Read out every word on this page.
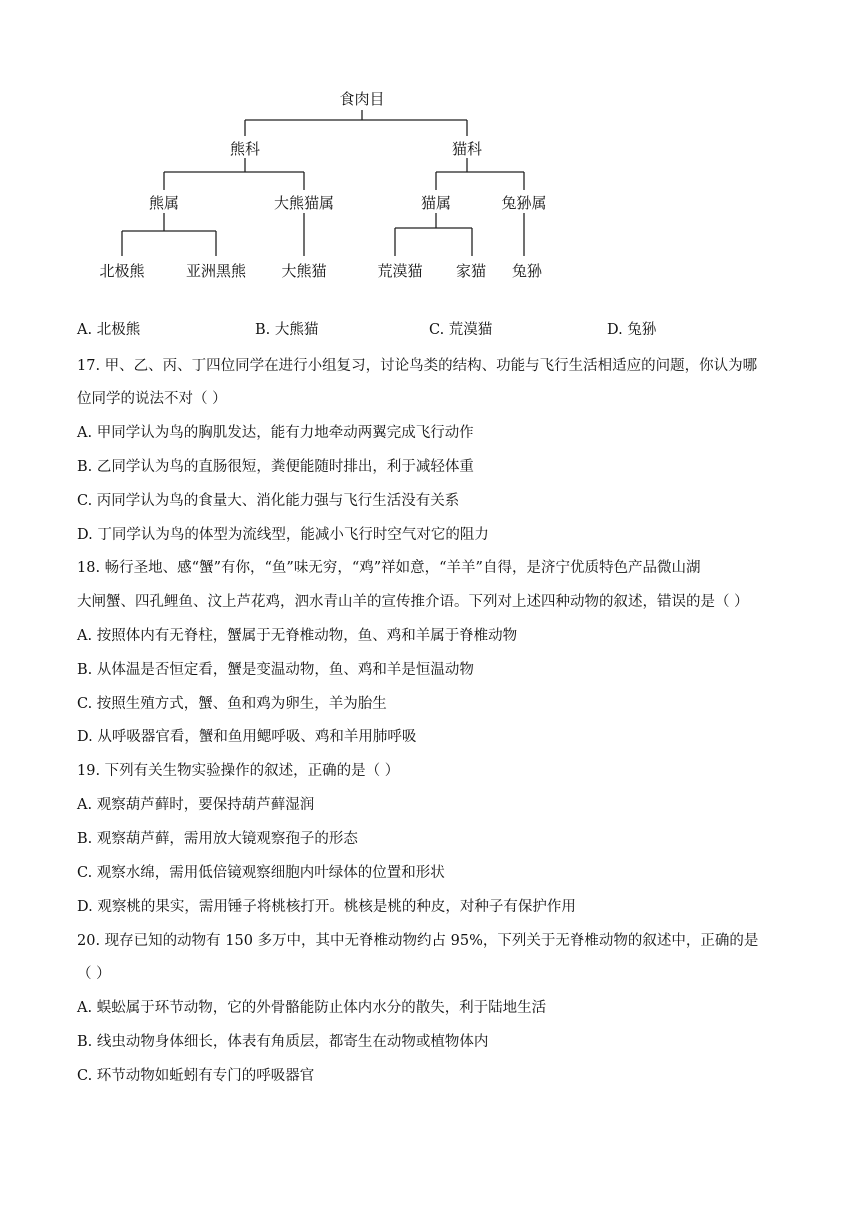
食肉目
熊科	猫科
熊属	大熊猫属	猫属	兔狲属
北极熊	亚洲黑熊 大熊猫	荒漠猫 家猫 兔狲
A. 北极熊	B. 大熊猫	C. 荒漠猫	D. 兔狲
17. 甲、乙、丙、丁四位同学在进行小组复习，讨论鸟类的结构、功能与飞行生活相适应的问题，你认为哪
位同学的说法不对（ ）
A. 甲同学认为鸟的胸肌发达，能有力地牵动两翼完成飞行动作
B. 乙同学认为鸟的直肠很短，粪便能随时排出，利于减轻体重
C. 丙同学认为鸟的食量大、消化能力强与飞行生活没有关系
D. 丁同学认为鸟的体型为流线型，能减小飞行时空气对它的阻力
18. 畅行圣地、感“蟹”有你，“鱼”味无穷，“鸡”祥如意，“羊羊”自得，是济宁优质特色产品微山湖
大闸蟹、四孔鲤鱼、汶上芦花鸡，泗水青山羊的宣传推介语。下列对上述四种动物的叙述，错误的是（ ）
A. 按照体内有无脊柱，蟹属于无脊椎动物，鱼、鸡和羊属于脊椎动物
B. 从体温是否恒定看，蟹是变温动物，鱼、鸡和羊是恒温动物
C. 按照生殖方式，蟹、鱼和鸡为卵生，羊为胎生
D. 从呼吸器官看，蟹和鱼用鳃呼吸、鸡和羊用肺呼吸
19. 下列有关生物实验操作的叙述，正确的是（ ）
A. 观察葫芦藓时，要保持葫芦藓湿润
B. 观察葫芦藓，需用放大镜观察孢子的形态
C. 观察水绵，需用低倍镜观察细胞内叶绿体的位置和形状
D. 观察桃的果实，需用锤子将桃核打开。桃核是桃的种皮，对种子有保护作用
20. 现存已知的动物有 150 多万中，其中无脊椎动物约占 95%，下列关于无脊椎动物的叙述中，正确的是
（ ）
A. 蜈蚣属于环节动物，它的外骨骼能防止体内水分的散失，利于陆地生活
B. 线虫动物身体细长，体表有角质层，都寄生在动物或植物体内
C. 环节动物如蚯蚓有专门的呼吸器官
